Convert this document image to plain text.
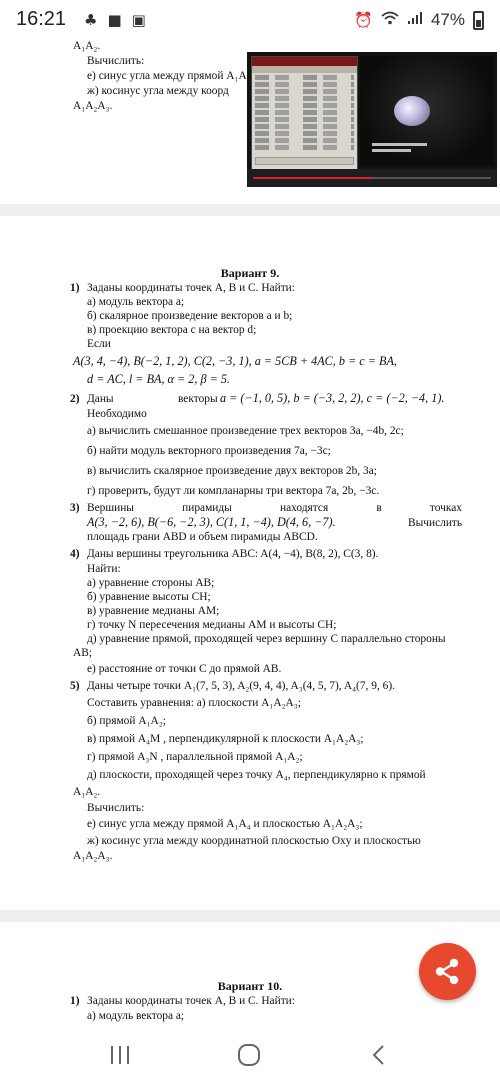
16:21 ♣ ■ ▣	⏰	47%
A₁A₂.
Вычислить:
е) синус угла между прямой A₁A
ж) косинус угла между коорд
A₁A₂A₃.
Вариант 9.
1) Заданы координаты точек А, В и С. Найти:
а) модуль вектора a;
б) скалярное произведение векторов a и b;
в) проекцию вектора c на вектор d;
Если
A(3, 4, −4), B(−2, 1, 2), C(2, −3, 1), a = 5CB + 4AC, b = c = BA,
d = AC, l = BA, α = 2, β = 5.
2) Даны	векторы a = (−1, 0, 5), b = (−3, 2, 2), c = (−2, −4, 1).
Необходимо
а) вычислить смешанное произведение трех векторов 3a, −4b, 2c;
б) найти модуль векторного произведения 7a, −3c;
в) вычислить скалярное произведение двух векторов 2b, 3a;
г) проверить, будут ли компланарны три вектора 7a, 2b, −3c.
3) Вершины	пирамиды	находятся	в	точках
A(3, −2, 6), B(−6, −2, 3), C(1, 1, −4), D(4, 6, −7).	Вычислить
площадь грани ABD и объем пирамиды ABCD.
4) Даны вершины треугольника ABC: A(4, −4), B(8, 2), C(3, 8).
Найти:
а) уравнение стороны AB;
б) уравнение высоты CH;
в) уравнение медианы AM;
г) точку N пересечения медианы AM и высоты CH;
д) уравнение прямой, проходящей через вершину C параллельно стороны
AB;
е) расстояние от точки C до прямой AB.
5) Даны четыре точки A₁(7, 5, 3), A₂(9, 4, 4), A₃(4, 5, 7), A₄(7, 9, 6).
Составить уравнения: а) плоскости A₁A₂A₃;
б) прямой A₁A₂;
в) прямой A₄M , перпендикулярной к плоскости A₁A₂A₃;
г) прямой A₃N , параллельной прямой A₁A₂;
д) плоскости, проходящей через точку A₄, перпендикулярно к прямой
A₁A₂.
Вычислить:
е) синус угла между прямой A₁A₄ и плоскостью A₁A₂A₃;
ж) косинус угла между координатной плоскостью Oxy и плоскостью
A₁A₂A₃.
Вариант 10.
1) Заданы координаты точек А, В и С. Найти:
а) модуль вектора a;
